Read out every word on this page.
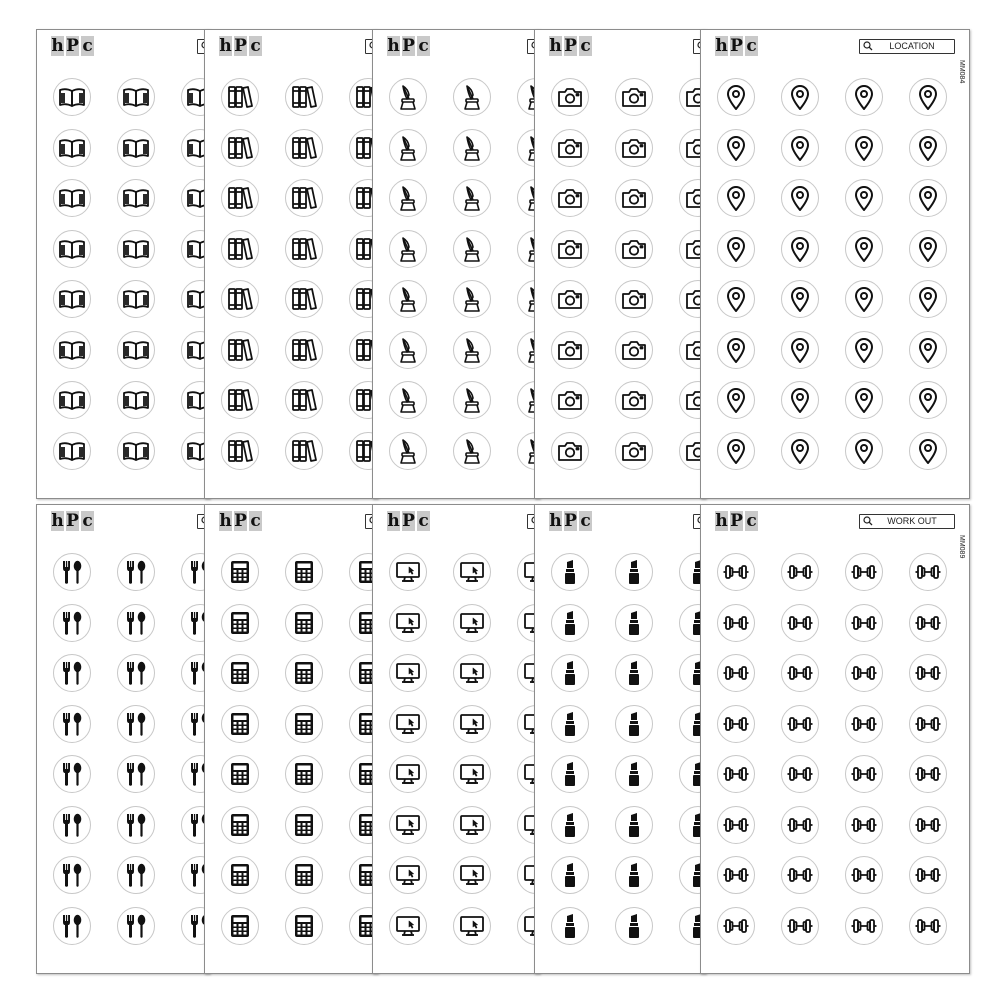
h P c	h P c	h P c	h P c	h P c	LOCATION
MM084
h P c	h P c	h P c	h P c	h P c	WORK OUT
MM089
